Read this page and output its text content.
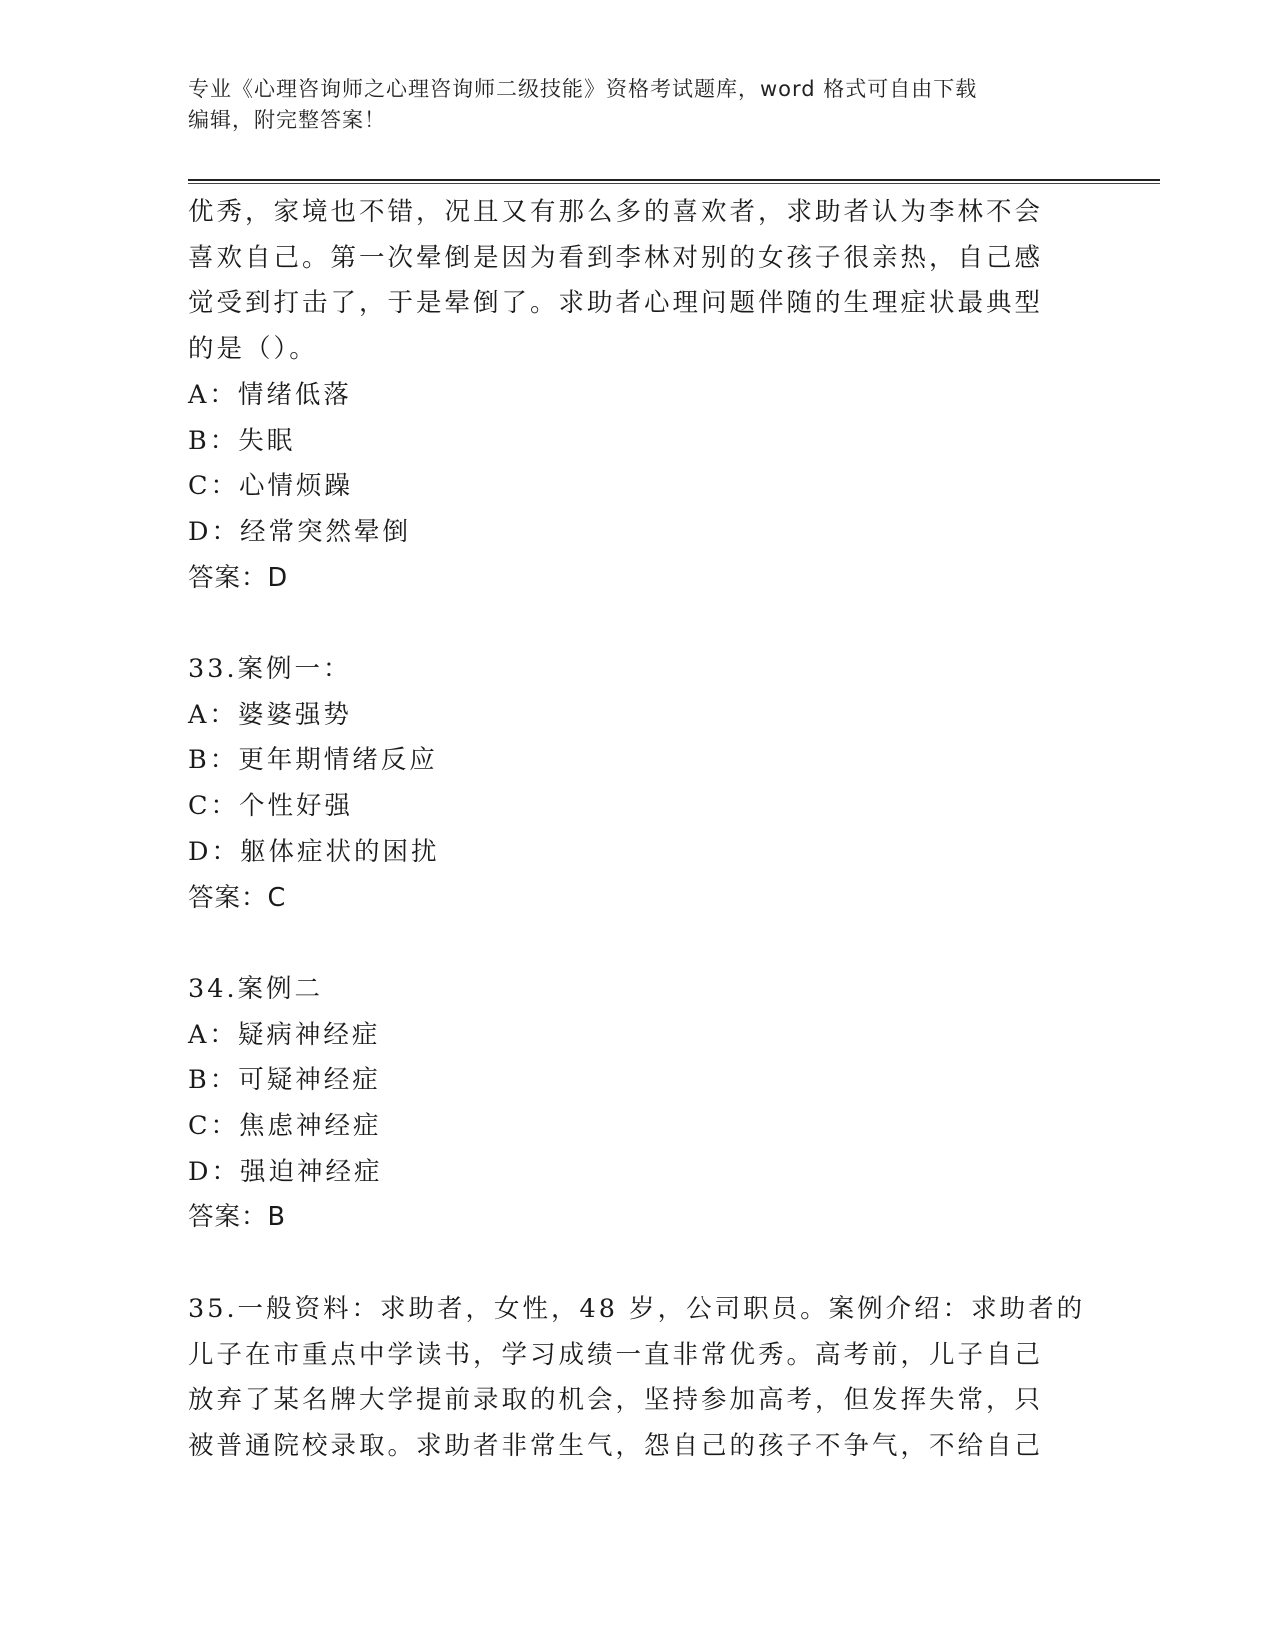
专业《心理咨询师之心理咨询师二级技能》资格考试题库，word 格式可自由下载
编辑，附完整答案！

优秀，家境也不错，况且又有那么多的喜欢者，求助者认为李林不会

喜欢自己。第一次晕倒是因为看到李林对别的女孩子很亲热，自己感

觉受到打击了，于是晕倒了。求助者心理问题伴随的生理症状最典型

的是（）。

A：情绪低落

B：失眠

C：心情烦躁

D：经常突然晕倒

答案：D

33.案例一：

A：婆婆强势

B：更年期情绪反应

C：个性好强

D：躯体症状的困扰

答案：C

34.案例二

A：疑病神经症

B：可疑神经症

C：焦虑神经症

D：强迫神经症

答案：B

35.一般资料：求助者，女性，48 岁，公司职员。案例介绍：求助者的

儿子在市重点中学读书，学习成绩一直非常优秀。高考前，儿子自己

放弃了某名牌大学提前录取的机会，坚持参加高考，但发挥失常，只

被普通院校录取。求助者非常生气，怨自己的孩子不争气，不给自己
